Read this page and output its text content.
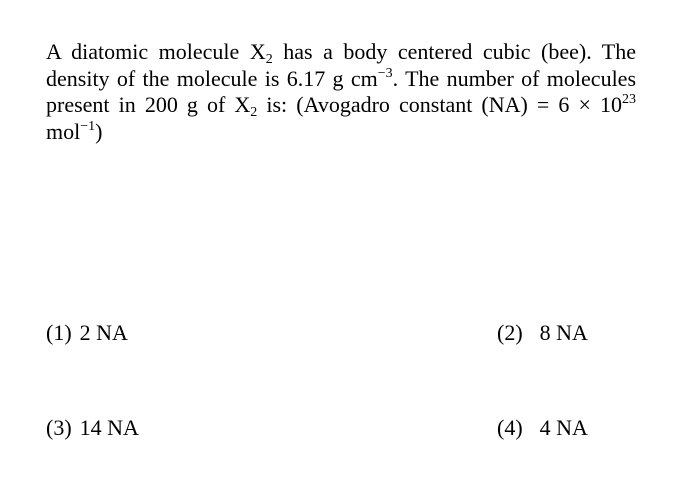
A diatomic molecule $X_2$ has a body centered cubic (bee). The
density of the molecule is 6.17 g $cm^{-3}$. The number of molecules
present in 200 g of $X_2$ is: (Avogadro constant $(NA) = 6 \times 10^{23}$
mol$^{-1}$)
(1) 2 NA	(2) 8 NA
(3) 14 NA	(4) 4 NA
